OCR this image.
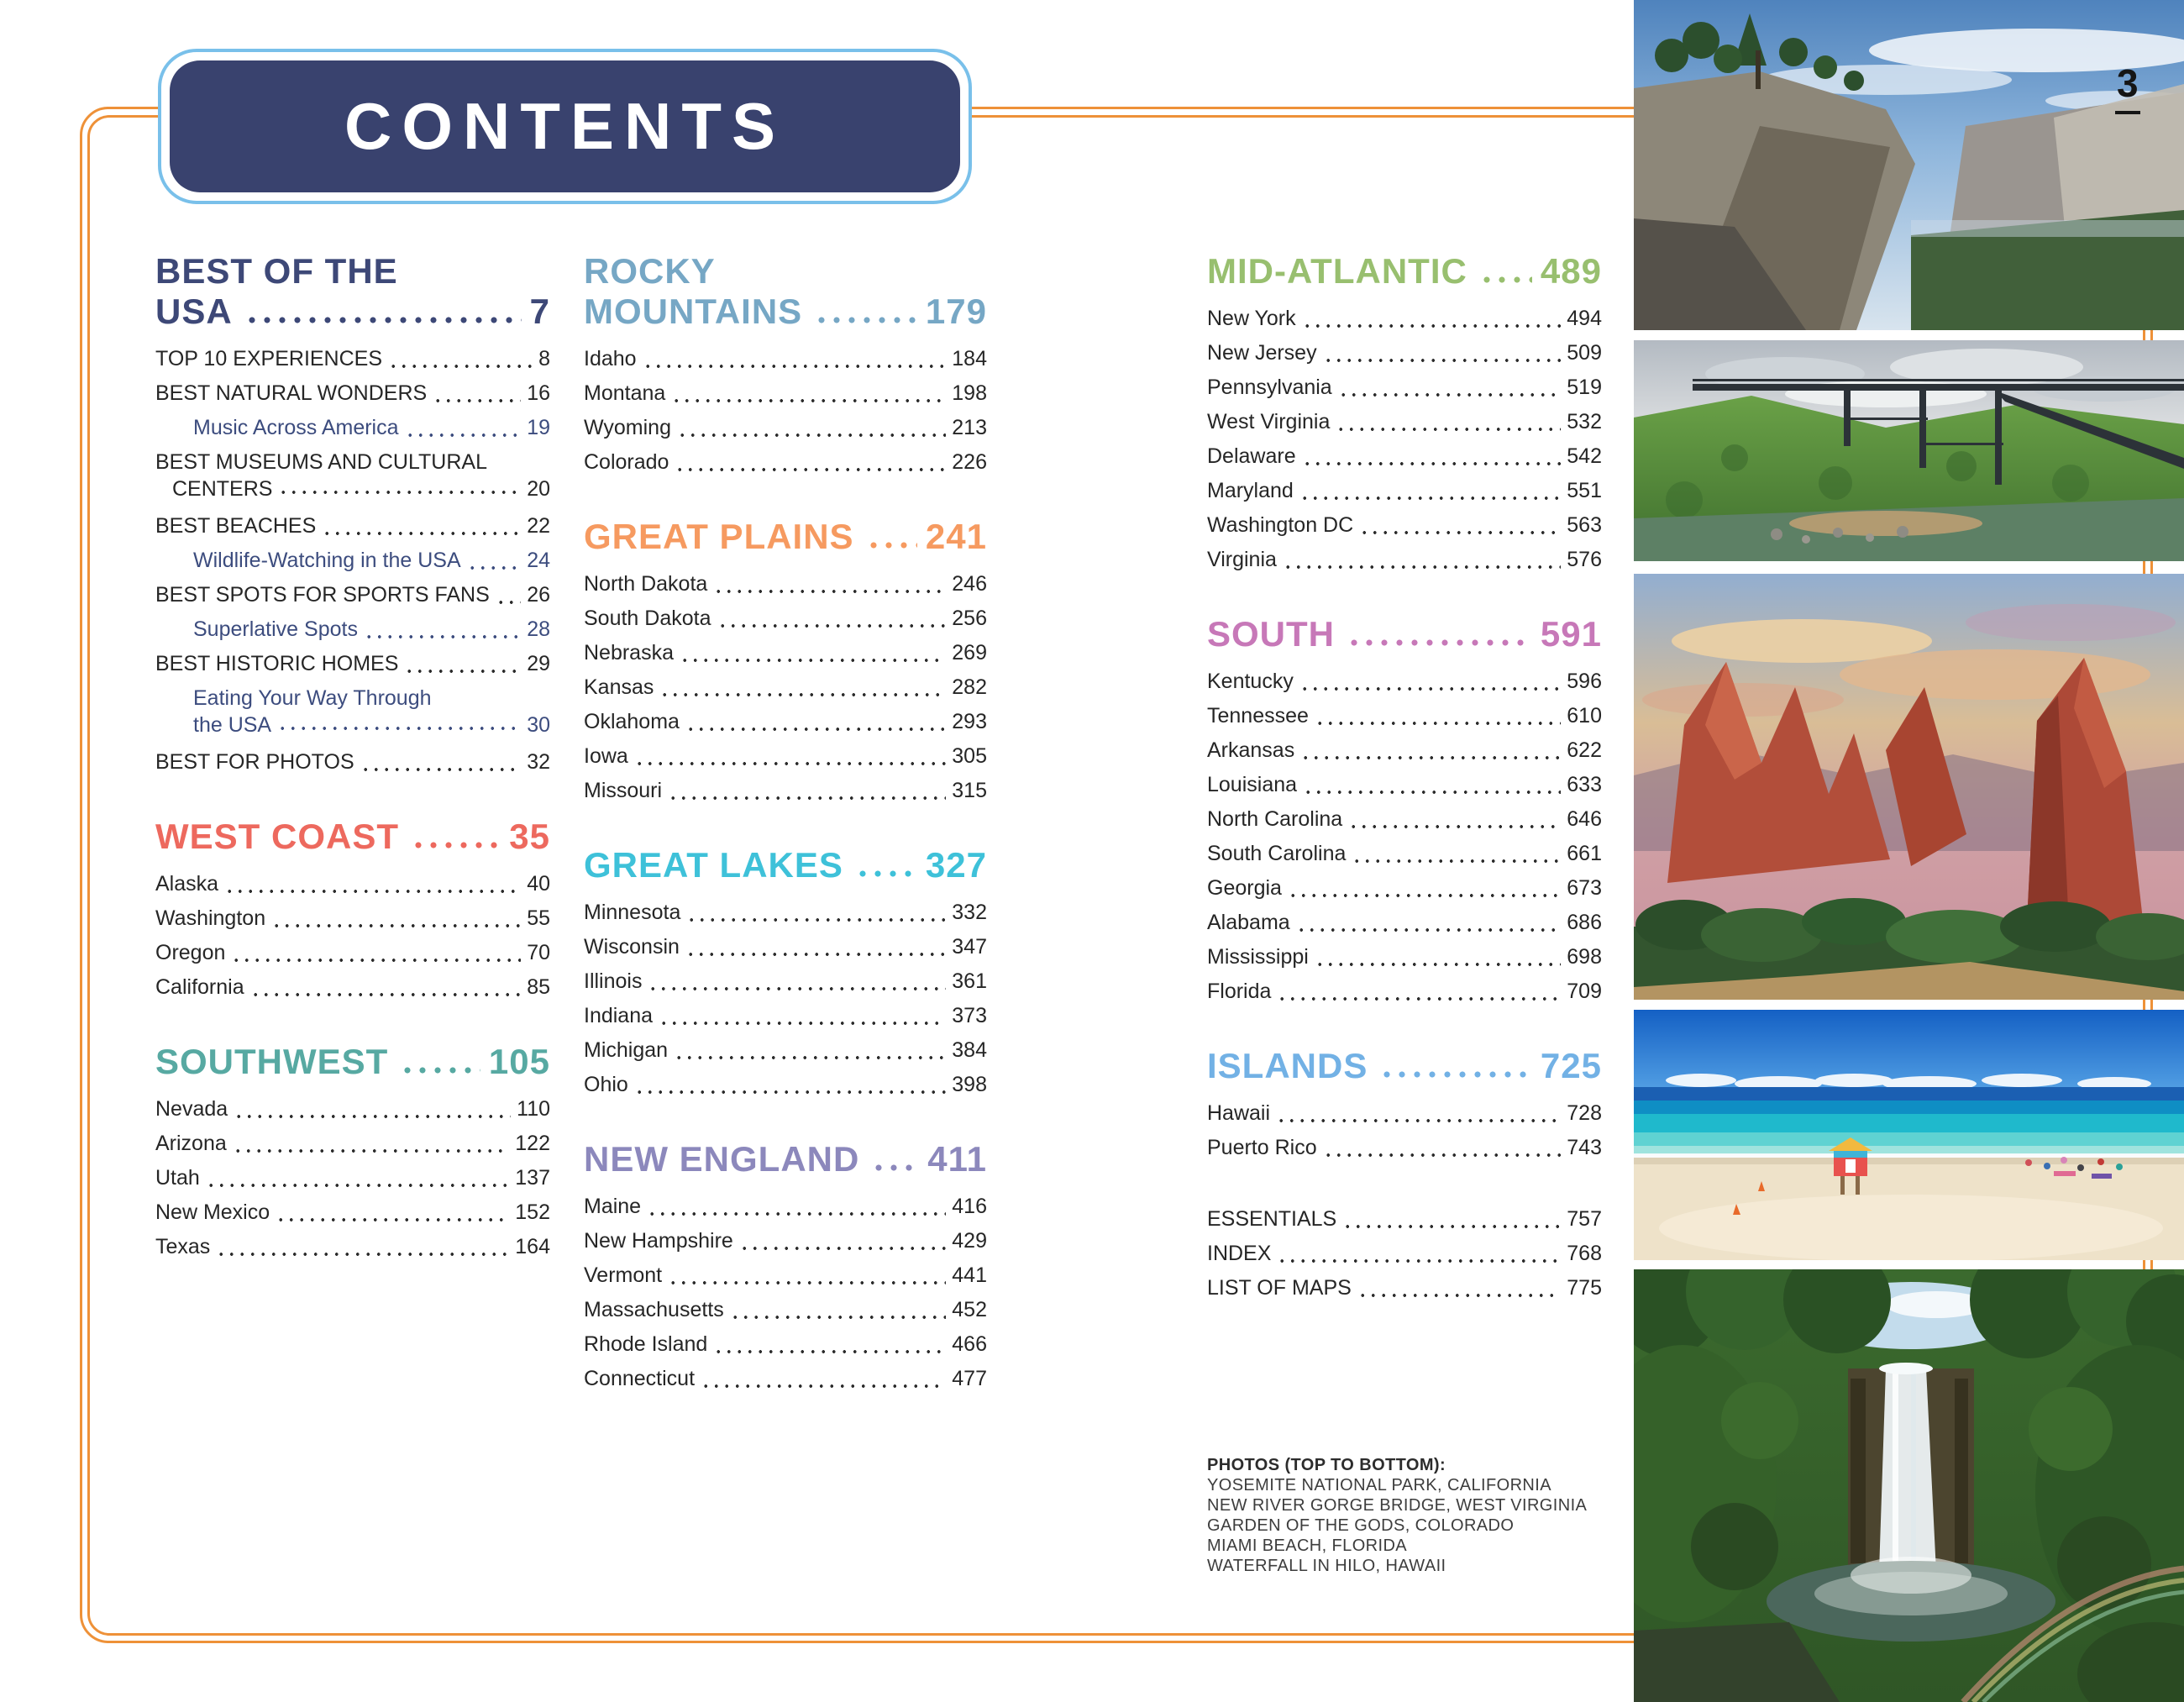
CONTENTS
BEST OF THE
USA	7
TOP 10 EXPERIENCES	8
BEST NATURAL WONDERS	16
Music Across America	19
BEST MUSEUMS AND CULTURAL
CENTERS	20
BEST BEACHES	22
Wildlife-Watching in the USA	24
BEST SPOTS FOR SPORTS FANS 26
Superlative Spots	28
BEST HISTORIC HOMES	29
Eating Your Way Through
the USA	30
BEST FOR PHOTOS	32
WEST COAST	35
Alaska	40
Washington	55
Oregon	70
California	85
SOUTHWEST	105
Nevada	110
Arizona	122
Utah	137
New Mexico	152
Texas	164
ROCKY
MOUNTAINS	179
Idaho	184
Montana	198
Wyoming	213
Colorado	226
GREAT PLAINS 241
North Dakota	246
South Dakota	256
Nebraska	269
Kansas	282
Oklahoma	293
Iowa	305
Missouri	315
GREAT LAKES 327
Minnesota	332
Wisconsin	347
Illinois	361
Indiana	373
Michigan	384
Ohio	398
NEW ENGLAND 411
Maine	416
New Hampshire	429
Vermont	441
Massachusetts	452
Rhode Island	466
Connecticut	477
MID-ATLANTIC 489
New York	494
New Jersey	509
Pennsylvania	519
West Virginia	532
Delaware	542
Maryland	551
Washington DC	563
Virginia	576
SOUTH	591
Kentucky	596
Tennessee	610
Arkansas	622
Louisiana	633
North Carolina	646
South Carolina	661
Georgia	673
Alabama	686
Mississippi	698
Florida	709
ISLANDS	725
Hawaii	728
Puerto Rico	743
ESSENTIALS	757
INDEX	768
LIST OF MAPS	775
PHOTOS (TOP TO BOTTOM):
YOSEMITE NATIONAL PARK, CALIFORNIA
NEW RIVER GORGE BRIDGE, WEST VIRGINIA
GARDEN OF THE GODS, COLORADO
MIAMI BEACH, FLORIDA
WATERFALL IN HILO, HAWAII
3
